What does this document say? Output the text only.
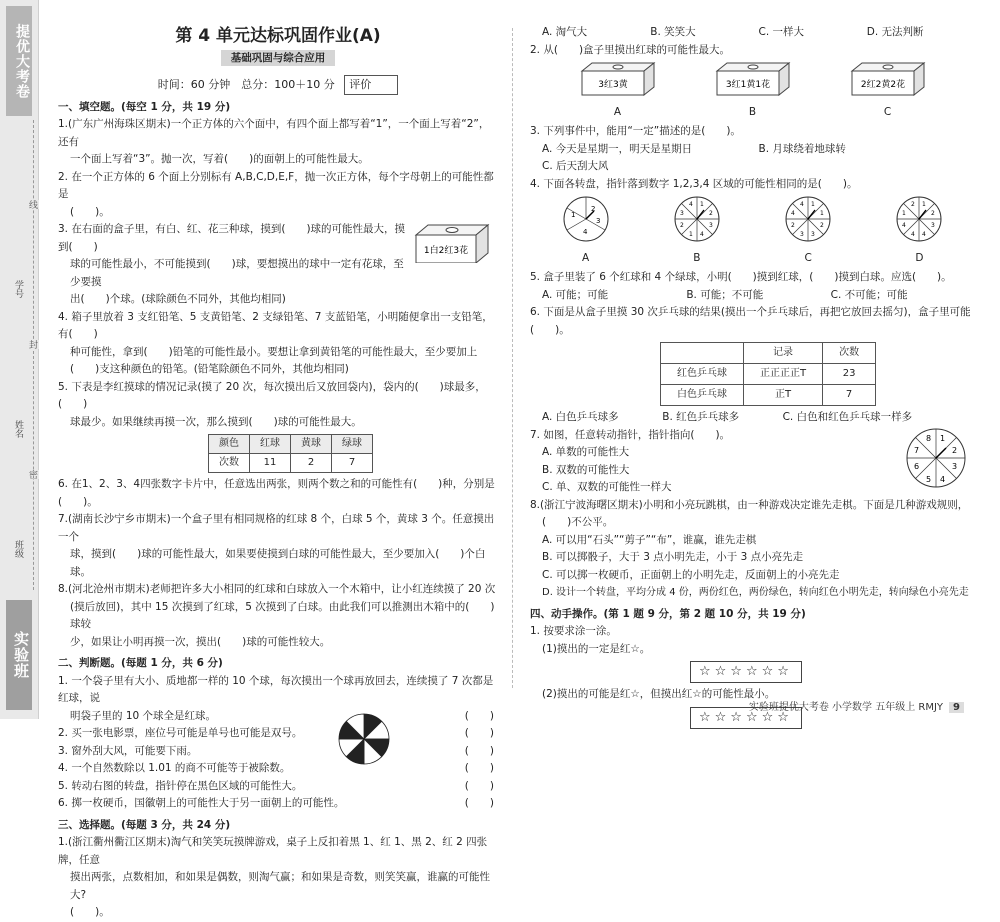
提优大考卷
线
封
密
班级
姓名
学号
实验班
第 4 单元达标巩固作业(A)
基础巩固与综合应用
时间：60 分钟　总分：100＋10 分 评价
一、填空题。(每空 1 分，共 19 分)
1.(广东广州海珠区期末)一个正方体的六个面中，有四个面上都写着“1”，一个面上写着“2”，还有
一个面上写着“3”。抛一次，写着(　　)的面朝上的可能性最大。
2. 在一个正方体的 6 个面上分别标有 A,B,C,D,E,F，抛一次正方体，每个字母朝上的可能性都是
(　　)。
1白2红3花
3. 在右面的盒子里，有白、红、花三种球，摸到(　　)球的可能性最大，摸到(　　)
球的可能性最小，不可能摸到(　　)球，要想摸出的球中一定有花球，至少要摸
出(　　)个球。(球除颜色不同外，其他均相同)
4. 箱子里放着 3 支红铅笔、5 支黄铅笔、2 支绿铅笔、7 支蓝铅笔，小明随便拿出一支铅笔，有(　　)
种可能性，拿到(　　)铅笔的可能性最小。要想让拿到黄铅笔的可能性最大，至少要加上
(　　)支这种颜色的铅笔。(铅笔除颜色不同外，其他均相同)
5. 下表是李红摸球的情况记录(摸了 20 次，每次摸出后又放回袋内)，袋内的(　　)球最多，(　　)
球最少。如果继续再摸一次，那么摸到(　　)球的可能性最大。
颜色	红球	黄球	绿球
次数	11	2	7
6. 在1、2、3、4四张数字卡片中，任意选出两张，则两个数之和的可能性有(　　)种，分别是(　　)。
7.(湖南长沙宁乡市期末)一个盒子里有相同规格的红球 8 个，白球 5 个，黄球 3 个。任意摸出一个
球，摸到(　　)球的可能性最大，如果要使摸到白球的可能性最大，至少要加入(　　)个白球。
8.(河北沧州市期末)老师把许多大小相同的红球和白球放入一个木箱中，让小红连续摸了 20 次
(摸后放回)，其中 15 次摸到了红球，5 次摸到了白球。由此我们可以推测出木箱中的(　　)球较
少，如果让小明再摸一次，摸出(　　)球的可能性较大。
二、判断题。(每题 1 分，共 6 分)
1. 一个袋子里有大小、质地都一样的 10 个球，每次摸出一个球再放回去，连续摸了 7 次都是红球，说
明袋子里的 10 个球全是红球。	(　　)
2. 买一张电影票，座位号可能是单号也可能是双号。	(　　)
3. 窗外刮大风，可能要下雨。	(　　)
4. 一个自然数除以 1.01 的商不可能等于被除数。	(　　)
5. 转动右图的转盘，指针停在黑色区域的可能性大。	(　　)
6. 掷一枚硬币，国徽朝上的可能性大于另一面朝上的可能性。	(　　)
三、选择题。(每题 3 分，共 24 分)
1.(浙江衢州衢江区期末)淘气和笑笑玩摸牌游戏，桌子上反扣着黑 1、红 1、黑 2、红 2 四张牌，任意
摸出两张，点数相加，和如果是偶数，则淘气赢；和如果是奇数，则笑笑赢，谁赢的可能性大?
(　　)。
A. 淘气大	B. 笑笑大	C. 一样大	D. 无法判断
2. 从(　　)盒子里摸出红球的可能性最大。
3红3黄
A
3红1黄1花
B
2红2黄2花
C
3. 下列事件中，能用“一定”描述的是(　　)。
A. 今天是星期一，明天是星期日	B. 月球绕着地球转
C. 后天刮大风
4. 下面各转盘，指针落到数字 1,2,3,4 区域的可能性相同的是(　　)。
2
3
4
1
A
1
2
3
4
1
2
3
4
B
1
1
2
3
3
2
4
4
C
1
2
3
4
4
4
1
2
D
5. 盒子里装了 6 个红球和 4 个绿球，小明(　　)摸到红球，(　　)摸到白球。应选(　　)。
A. 可能；可能	B. 可能；不可能	C. 不可能；可能
6. 下面是从盒子里摸 30 次乒乓球的结果(摸出一个乒乓球后，再把它放回去摇匀)，盒子里可能(　　)。
	记录	次数
红色乒乓球	正正正正T	23
白色乒乓球	正T	7
A. 白色乒乓球多	B. 红色乒乓球多	C. 白色和红色乒乓球一样多
1
2
3
4
5
6
7
8
7. 如图，任意转动指针，指针指向(　　)。
A. 单数的可能性大
B. 双数的可能性大
C. 单、双数的可能性一样大
8.(浙江宁波海曙区期末)小明和小亮玩跳棋，由一种游戏决定谁先走棋。下面是几种游戏规则，
(　　)不公平。
A. 可以用“石头”“剪子”“布”，谁赢，谁先走棋
B. 可以掷骰子，大于 3 点小明先走，小于 3 点小亮先走
C. 可以掷一枚硬币，正面朝上的小明先走，反面朝上的小亮先走
D. 设计一个转盘，平均分成 4 份，两份红色，两份绿色，转向红色小明先走，转向绿色小亮先走
四、动手操作。(第 1 题 9 分，第 2 题 10 分，共 19 分)
1. 按要求涂一涂。
(1)摸出的一定是红☆。
☆☆☆☆☆☆
(2)摸出的可能是红☆，但摸出红☆的可能性最小。
☆☆☆☆☆☆
实验班提优大考卷 小学数学 五年级上 RMJY 9
